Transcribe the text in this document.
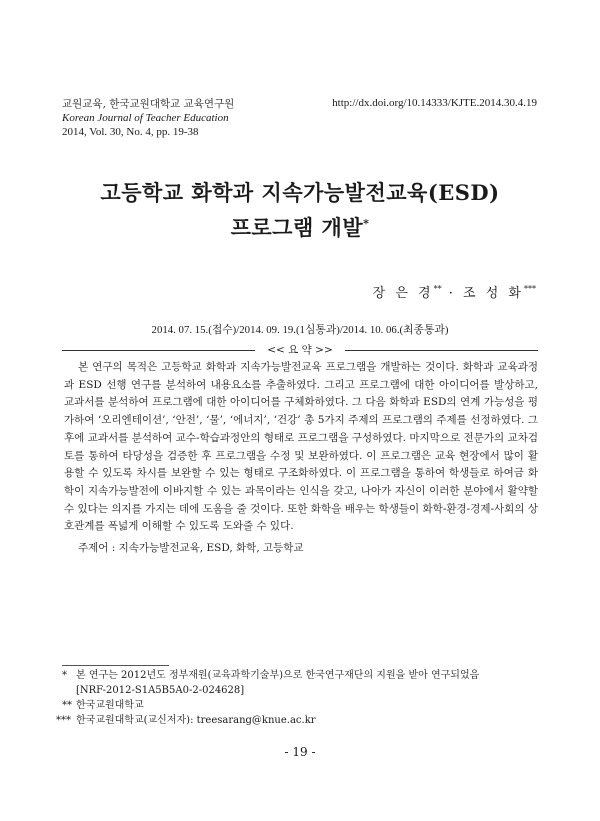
교원교육, 한국교원대학교 교육연구원
Korean Journal of Teacher Education
2014, Vol. 30, No. 4, pp. 19-38
http://dx.doi.org/10.14333/KJTE.2014.30.4.19
고등학교 화학과 지속가능발전교육(ESD)
프로그램 개발*
장 은 경** · 조 성 화***
2014. 07. 15.(접수)/2014. 09. 19.(1심통과)/2014. 10. 06.(최종통과)
<< 요 약 >>

본 연구의 목적은 고등학교 화학과 지속가능발전교육 프로그램을 개발하는 것이다. 화학과 교육과정과 ESD 선행 연구를 분석하여 내용요소를 추출하였다. 그리고 프로그램에 대한 아이디어를 발상하고, 교과서를 분석하여 프로그램에 대한 아이디어를 구체화하였다. 그 다음 화학과 ESD의 연계 가능성을 평가하여 ‘오리엔테이션’, ‘안전’, ‘물’, ‘에너지’, ‘건강’ 총 5가지 주제의 프로그램의 주제를 선정하였다. 그 후에 교과서를 분석하여 교수-학습과정안의 형태로 프로그램을 구성하였다. 마지막으로 전문가의 교차검토를 통하여 타당성을 검증한 후 프로그램을 수정 및 보완하였다. 이 프로그램은 교육 현장에서 많이 활용할 수 있도록 차시를 보완할 수 있는 형태로 구조화하였다. 이 프로그램을 통하여 학생들로 하여금 화학이 지속가능발전에 이바지할 수 있는 과목이라는 인식을 갖고, 나아가 자신이 이러한 분야에서 활약할 수 있다는 의지를 가지는 데에 도움을 줄 것이다. 또한 화학을 배우는 학생들이 화학-환경-경제-사회의 상호관계를 폭넓게 이해할 수 있도록 도와줄 수 있다.

주제어 : 지속가능발전교육, ESD, 화학, 고등학교
* 본 연구는 2012년도 정부재원(교육과학기술부)으로 한국연구재단의 지원을 받아 연구되었음
[NRF-2012-S1A5B5A0-2-024628]
** 한국교원대학교
*** 한국교원대학교(교신저자): treesarang@knue.ac.kr
- 19 -
